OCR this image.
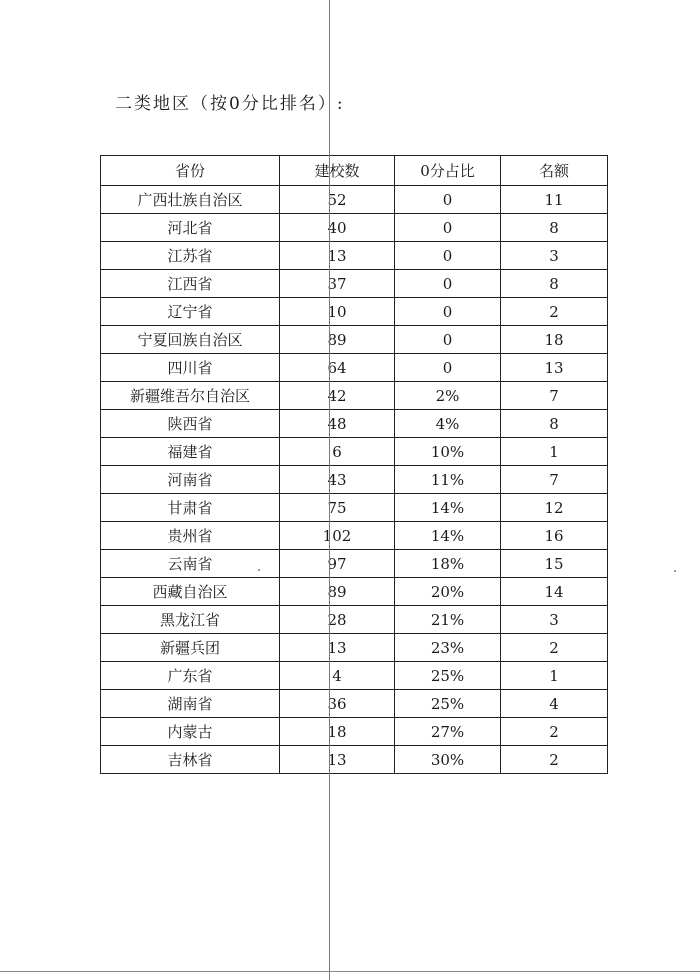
二类地区（按0分比排名）:
省份	建校数	0分占比	名额
广西壮族自治区	52	0	11
河北省	40	0	8
江苏省	13	0	3
江西省	37	0	8
辽宁省	10	0	2
宁夏回族自治区	89	0	18
四川省	64	0	13
新疆维吾尔自治区	42	2%	7
陕西省	48	4%	8
福建省	6	10%	1
河南省	43	11%	7
甘肃省	75	14%	12
贵州省	102	14%	16
云南省	97	18%	15
西藏自治区	89	20%	14
黑龙江省	28	21%	3
新疆兵团	13	23%	2
广东省	4	25%	1
湖南省	36	25%	4
内蒙古	18	27%	2
吉林省	13	30%	2
